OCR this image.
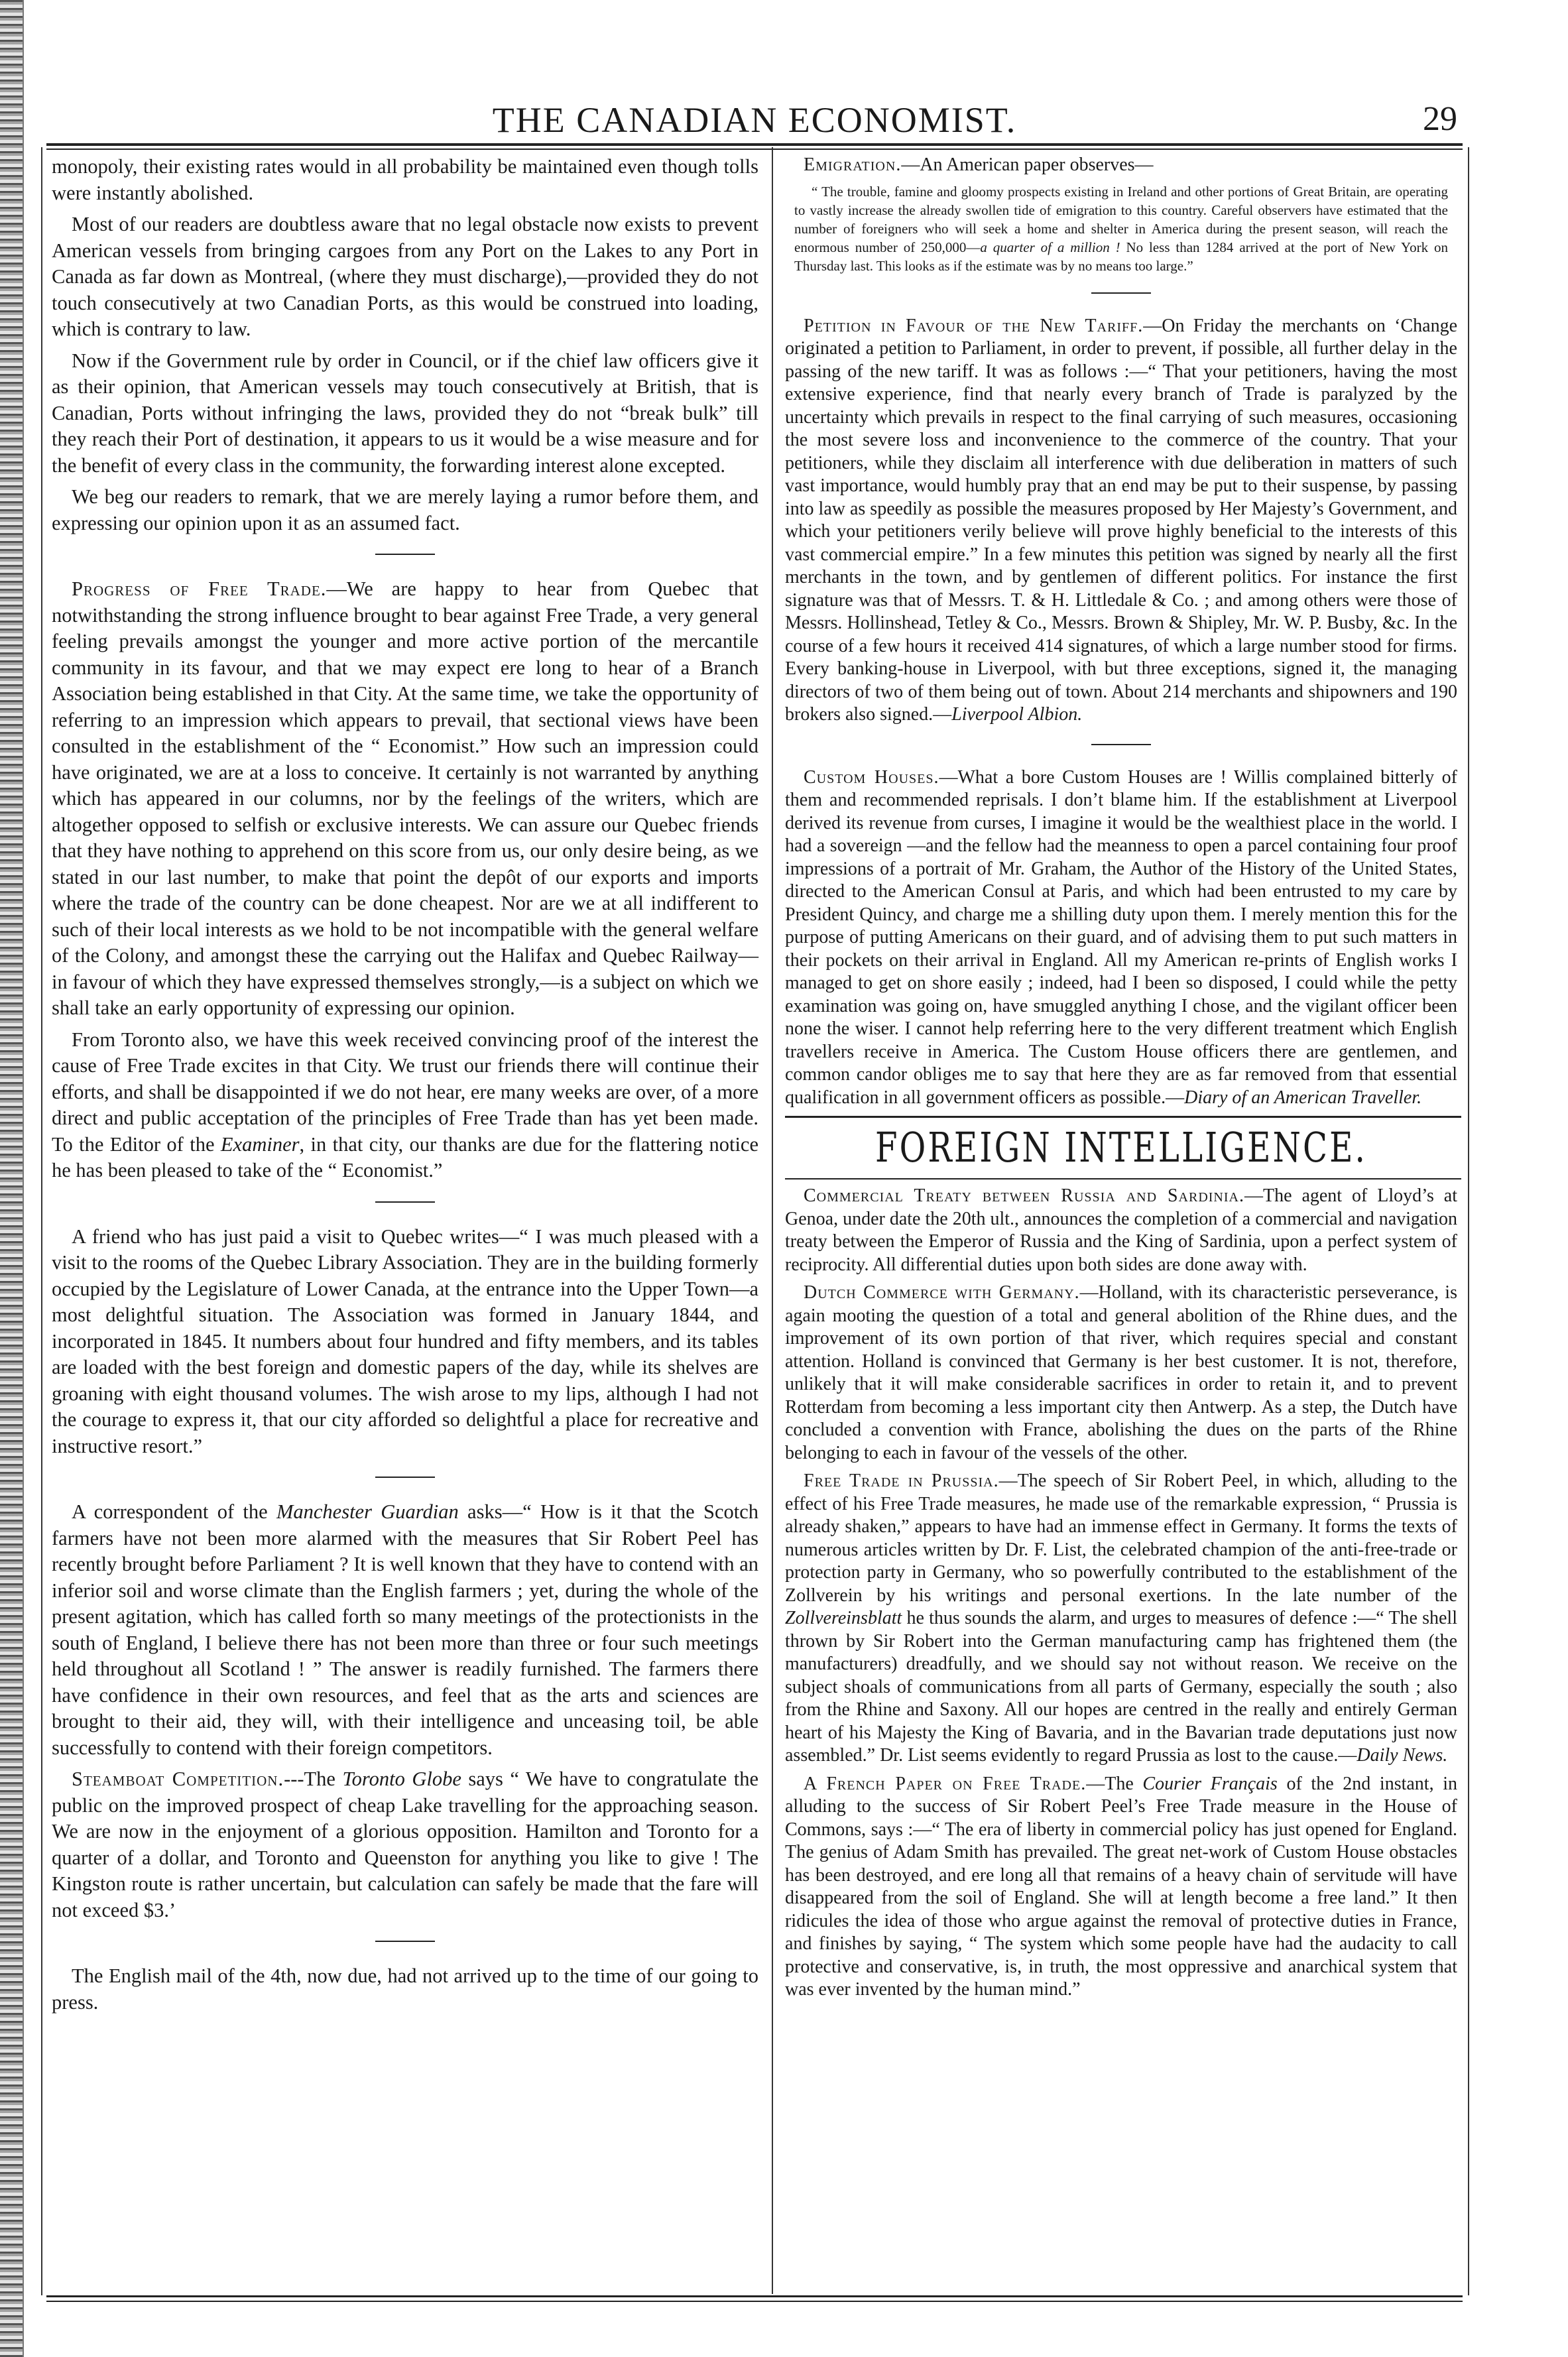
THE CANADIAN ECONOMIST.	29

monopoly, their existing rates would in all probability be maintained even though tolls were instantly abolished.

Most of our readers are doubtless aware that no legal obstacle now exists to prevent American vessels from bringing cargoes from any Port on the Lakes to any Port in Canada as far down as Montreal, (where they must discharge),—provided they do not touch consecutively at two Canadian Ports, as this would be construed into loading, which is contrary to law.

Now if the Government rule by order in Council, or if the chief law officers give it as their opinion, that American vessels may touch consecutively at British, that is Canadian, Ports without infringing the laws, provided they do not “break bulk” till they reach their Port of destination, it appears to us it would be a wise measure and for the benefit of every class in the community, the forwarding interest alone excepted.

We beg our readers to remark, that we are merely laying a rumor before them, and expressing our opinion upon it as an assumed fact.

Progress of Free Trade.—We are happy to hear from Quebec that notwithstanding the strong influence brought to bear against Free Trade, a very general feeling prevails amongst the younger and more active portion of the mercantile community in its favour, and that we may expect ere long to hear of a Branch Association being established in that City. At the same time, we take the opportunity of referring to an impression which appears to prevail, that sectional views have been consulted in the establishment of the “ Economist.” How such an impression could have originated, we are at a loss to conceive. It certainly is not warranted by anything which has appeared in our columns, nor by the feelings of the writers, which are altogether opposed to selfish or exclusive interests. We can assure our Quebec friends that they have nothing to apprehend on this score from us, our only desire being, as we stated in our last number, to make that point the depôt of our exports and imports where the trade of the country can be done cheapest. Nor are we at all indifferent to such of their local interests as we hold to be not incompatible with the general welfare of the Colony, and amongst these the carrying out the Halifax and Quebec Railway—in favour of which they have expressed themselves strongly,—is a subject on which we shall take an early opportunity of expressing our opinion.

From Toronto also, we have this week received convincing proof of the interest the cause of Free Trade excites in that City. We trust our friends there will continue their efforts, and shall be disappointed if we do not hear, ere many weeks are over, of a more direct and public acceptation of the principles of Free Trade than has yet been made. To the Editor of the Examiner, in that city, our thanks are due for the flattering notice he has been pleased to take of the “ Economist.”

A friend who has just paid a visit to Quebec writes—“ I was much pleased with a visit to the rooms of the Quebec Library Association. They are in the building formerly occupied by the Legislature of Lower Canada, at the entrance into the Upper Town—a most delightful situation. The Association was formed in January 1844, and incorporated in 1845. It numbers about four hundred and fifty members, and its tables are loaded with the best foreign and domestic papers of the day, while its shelves are groaning with eight thousand volumes. The wish arose to my lips, although I had not the courage to express it, that our city afforded so delightful a place for recreative and instructive resort.”

A correspondent of the Manchester Guardian asks—“ How is it that the Scotch farmers have not been more alarmed with the measures that Sir Robert Peel has recently brought before Parliament ? It is well known that they have to contend with an inferior soil and worse climate than the English farmers ; yet, during the whole of the present agitation, which has called forth so many meetings of the protectionists in the south of England, I believe there has not been more than three or four such meetings held throughout all Scotland ! ” The answer is readily furnished. The farmers there have confidence in their own resources, and feel that as the arts and sciences are brought to their aid, they will, with their intelligence and unceasing toil, be able successfully to contend with their foreign competitors.

Steamboat Competition.---The Toronto Globe says “ We have to congratulate the public on the improved prospect of cheap Lake travelling for the approaching season. We are now in the enjoyment of a glorious opposition. Hamilton and Toronto for a quarter of a dollar, and Toronto and Queenston for anything you like to give ! The Kingston route is rather uncertain, but calculation can safely be made that the fare will not exceed $3.’

The English mail of the 4th, now due, had not arrived up to the time of our going to press.

Emigration.—An American paper observes—

“ The trouble, famine and gloomy prospects existing in Ireland and other portions of Great Britain, are operating to vastly increase the already swollen tide of emigration to this country. Careful observers have estimated that the number of foreigners who will seek a home and shelter in America during the present season, will reach the enormous number of 250,000—a quarter of a million ! No less than 1284 arrived at the port of New York on Thursday last. This looks as if the estimate was by no means too large.”

Petition in Favour of the New Tariff.—On Friday the merchants on ‘Change originated a petition to Parliament, in order to prevent, if possible, all further delay in the passing of the new tariff. It was as follows :—“ That your petitioners, having the most extensive experience, find that nearly every branch of Trade is paralyzed by the uncertainty which prevails in respect to the final carrying of such measures, occasioning the most severe loss and inconvenience to the commerce of the country. That your petitioners, while they disclaim all interference with due deliberation in matters of such vast importance, would humbly pray that an end may be put to their suspense, by passing into law as speedily as possible the measures proposed by Her Majesty’s Government, and which your petitioners verily believe will prove highly beneficial to the interests of this vast commercial empire.” In a few minutes this petition was signed by nearly all the first merchants in the town, and by gentlemen of different politics. For instance the first signature was that of Messrs. T. & H. Littledale & Co. ; and among others were those of Messrs. Hollinshead, Tetley & Co., Messrs. Brown & Shipley, Mr. W. P. Busby, &c. In the course of a few hours it received 414 signatures, of which a large number stood for firms. Every banking-house in Liverpool, with but three exceptions, signed it, the managing directors of two of them being out of town. About 214 merchants and shipowners and 190 brokers also signed.—Liverpool Albion.

Custom Houses.—What a bore Custom Houses are ! Willis complained bitterly of them and recommended reprisals. I don’t blame him. If the establishment at Liverpool derived its revenue from curses, I imagine it would be the wealthiest place in the world. I had a sovereign —and the fellow had the meanness to open a parcel containing four proof impressions of a portrait of Mr. Graham, the Author of the History of the United States, directed to the American Consul at Paris, and which had been entrusted to my care by President Quincy, and charge me a shilling duty upon them. I merely mention this for the purpose of putting Americans on their guard, and of advising them to put such matters in their pockets on their arrival in England. All my American re-prints of English works I managed to get on shore easily ; indeed, had I been so disposed, I could while the petty examination was going on, have smuggled anything I chose, and the vigilant officer been none the wiser. I cannot help referring here to the very different treatment which English travellers receive in America. The Custom House officers there are gentlemen, and common candor obliges me to say that here they are as far removed from that essential qualification in all government officers as possible.—Diary of an American Traveller.

FOREIGN INTELLIGENCE.

Commercial Treaty between Russia and Sardinia.—The agent of Lloyd’s at Genoa, under date the 20th ult., announces the completion of a commercial and navigation treaty between the Emperor of Russia and the King of Sardinia, upon a perfect system of reciprocity. All differential duties upon both sides are done away with.

Dutch Commerce with Germany.—Holland, with its characteristic perseverance, is again mooting the question of a total and general abolition of the Rhine dues, and the improvement of its own portion of that river, which requires special and constant attention. Holland is convinced that Germany is her best customer. It is not, therefore, unlikely that it will make considerable sacrifices in order to retain it, and to prevent Rotterdam from becoming a less important city then Antwerp. As a step, the Dutch have concluded a convention with France, abolishing the dues on the parts of the Rhine belonging to each in favour of the vessels of the other.

Free Trade in Prussia.—The speech of Sir Robert Peel, in which, alluding to the effect of his Free Trade measures, he made use of the remarkable expression, “ Prussia is already shaken,” appears to have had an immense effect in Germany. It forms the texts of numerous articles written by Dr. F. List, the celebrated champion of the anti-free-trade or protection party in Germany, who so powerfully contributed to the establishment of the Zollverein by his writings and personal exertions. In the late number of the Zollvereinsblatt he thus sounds the alarm, and urges to measures of defence :—“ The shell thrown by Sir Robert into the German manufacturing camp has frightened them (the manufacturers) dreadfully, and we should say not without reason. We receive on the subject shoals of communications from all parts of Germany, especially the south ; also from the Rhine and Saxony. All our hopes are centred in the really and entirely German heart of his Majesty the King of Bavaria, and in the Bavarian trade deputations just now assembled.” Dr. List seems evidently to regard Prussia as lost to the cause.—Daily News.

A French Paper on Free Trade.—The Courier Français of the 2nd instant, in alluding to the success of Sir Robert Peel’s Free Trade measure in the House of Commons, says :—“ The era of liberty in commercial policy has just opened for England. The genius of Adam Smith has prevailed. The great net-work of Custom House obstacles has been destroyed, and ere long all that remains of a heavy chain of servitude will have disappeared from the soil of England. She will at length become a free land.” It then ridicules the idea of those who argue against the removal of protective duties in France, and finishes by saying, “ The system which some people have had the audacity to call protective and conservative, is, in truth, the most oppressive and anarchical system that was ever invented by the human mind.”
